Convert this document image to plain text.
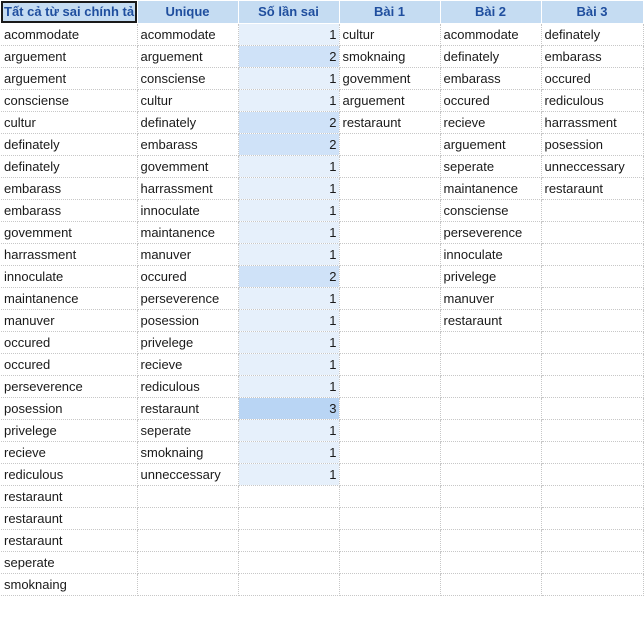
Tất cả từ sai chính tả	Unique	Số lần sai	Bài 1	Bài 2	Bài 3
acommodate	acommodate	1	cultur	acommodate	definately
arguement	arguement	2	smoknaing	definately	embarass
arguement	consciense	1	govemment	embarass	occured
consciense	cultur	1	arguement	occured	rediculous
cultur	definately	2	restaraunt	recieve	harrassment
definately	embarass	2		arguement	posession
definately	govemment	1		seperate	unneccessary
embarass	harrassment	1		maintanence	restaraunt
embarass	innoculate	1		consciense	
govemment	maintanence	1		perseverence	
harrassment	manuver	1		innoculate	
innoculate	occured	2		privelege	
maintanence	perseverence	1		manuver	
manuver	posession	1		restaraunt	
occured	privelege	1			
occured	recieve	1			
perseverence	rediculous	1			
posession	restaraunt	3			
privelege	seperate	1			
recieve	smoknaing	1			
rediculous	unneccessary	1			
restaraunt					
restaraunt					
restaraunt					
seperate					
smoknaing					
